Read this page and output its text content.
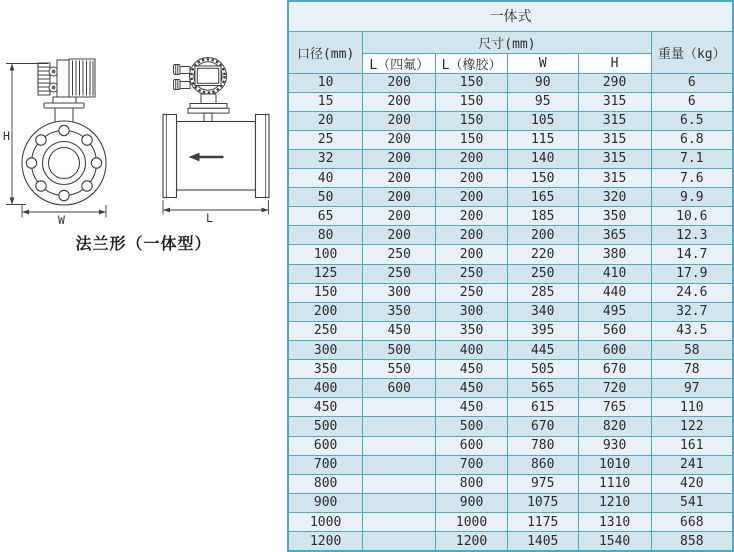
H
W	L
法兰形（一体型）
一体式					
口径(mm)	尺寸(mm)				重量（kg）
	L（四氟）	L（橡胶）	W	H	
10	200	150	90	290	6
15	200	150	95	315	6
20	200	150	105	315	6.5
25	200	150	115	315	6.8
32	200	200	140	315	7.1
40	200	200	150	315	7.6
50	200	200	165	320	9.9
65	200	200	185	350	10.6
80	200	200	200	365	12.3
100	250	200	220	380	14.7
125	250	250	250	410	17.9
150	300	250	285	440	24.6
200	350	300	340	495	32.7
250	450	350	395	560	43.5
300	500	400	445	600	58
350	550	450	505	670	78
400	600	450	565	720	97
450		450	615	765	110
500		500	670	820	122
600		600	780	930	161
700		700	860	1010	241
800		800	975	1110	420
900		900	1075	1210	541
1000		1000	1175	1310	668
1200		1200	1405	1540	858
